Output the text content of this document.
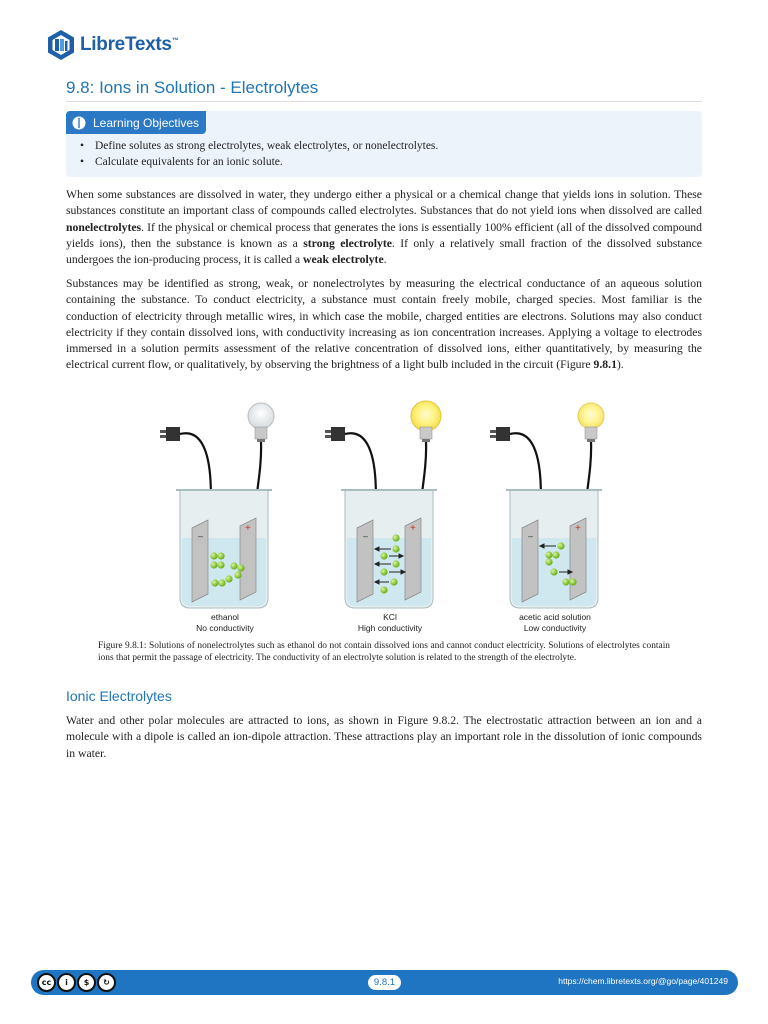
LibreTexts™
9.8: Ions in Solution - Electrolytes
Learning Objectives
• Define solutes as strong electrolytes, weak electrolytes, or nonelectrolytes.
• Calculate equivalents for an ionic solute.

When some substances are dissolved in water, they undergo either a physical or a chemical change that yields ions in solution. These substances constitute an important class of compounds called electrolytes. Substances that do not yield ions when dissolved are called nonelectrolytes. If the physical or chemical process that generates the ions is essentially 100% efficient (all of the dissolved compound yields ions), then the substance is known as a strong electrolyte. If only a relatively small fraction of the dissolved substance undergoes the ion-producing process, it is called a weak electrolyte.

Substances may be identified as strong, weak, or nonelectrolytes by measuring the electrical conductance of an aqueous solution containing the substance. To conduct electricity, a substance must contain freely mobile, charged species. Most familiar is the conduction of electricity through metallic wires, in which case the mobile, charged entities are electrons. Solutions may also conduct electricity if they contain dissolved ions, with conductivity increasing as ion concentration increases. Applying a voltage to electrodes immersed in a solution permits assessment of the relative concentration of dissolved ions, either quantitatively, by measuring the electrical current flow, or qualitatively, by observing the brightness of a light bulb included in the circuit (Figure 9.8.1).

–
+
–
+
–
+
ethanol
No conductivity
KCl
High conductivity
acetic acid solution
Low conductivity

Figure 9.8.1: Solutions of nonelectrolytes such as ethanol do not contain dissolved ions and cannot conduct electricity. Solutions of electrolytes contain ions that permit the passage of electricity. The conductivity of an electrolyte solution is related to the strength of the electrolyte.

Ionic Electrolytes

Water and other polar molecules are attracted to ions, as shown in Figure 9.8.2. The electrostatic attraction between an ion and a molecule with a dipole is called an ion-dipole attraction. These attractions play an important role in the dissolution of ionic compounds in water.

cc	i	$	↻	9.8.1	https://chem.libretexts.org/@go/page/401249
